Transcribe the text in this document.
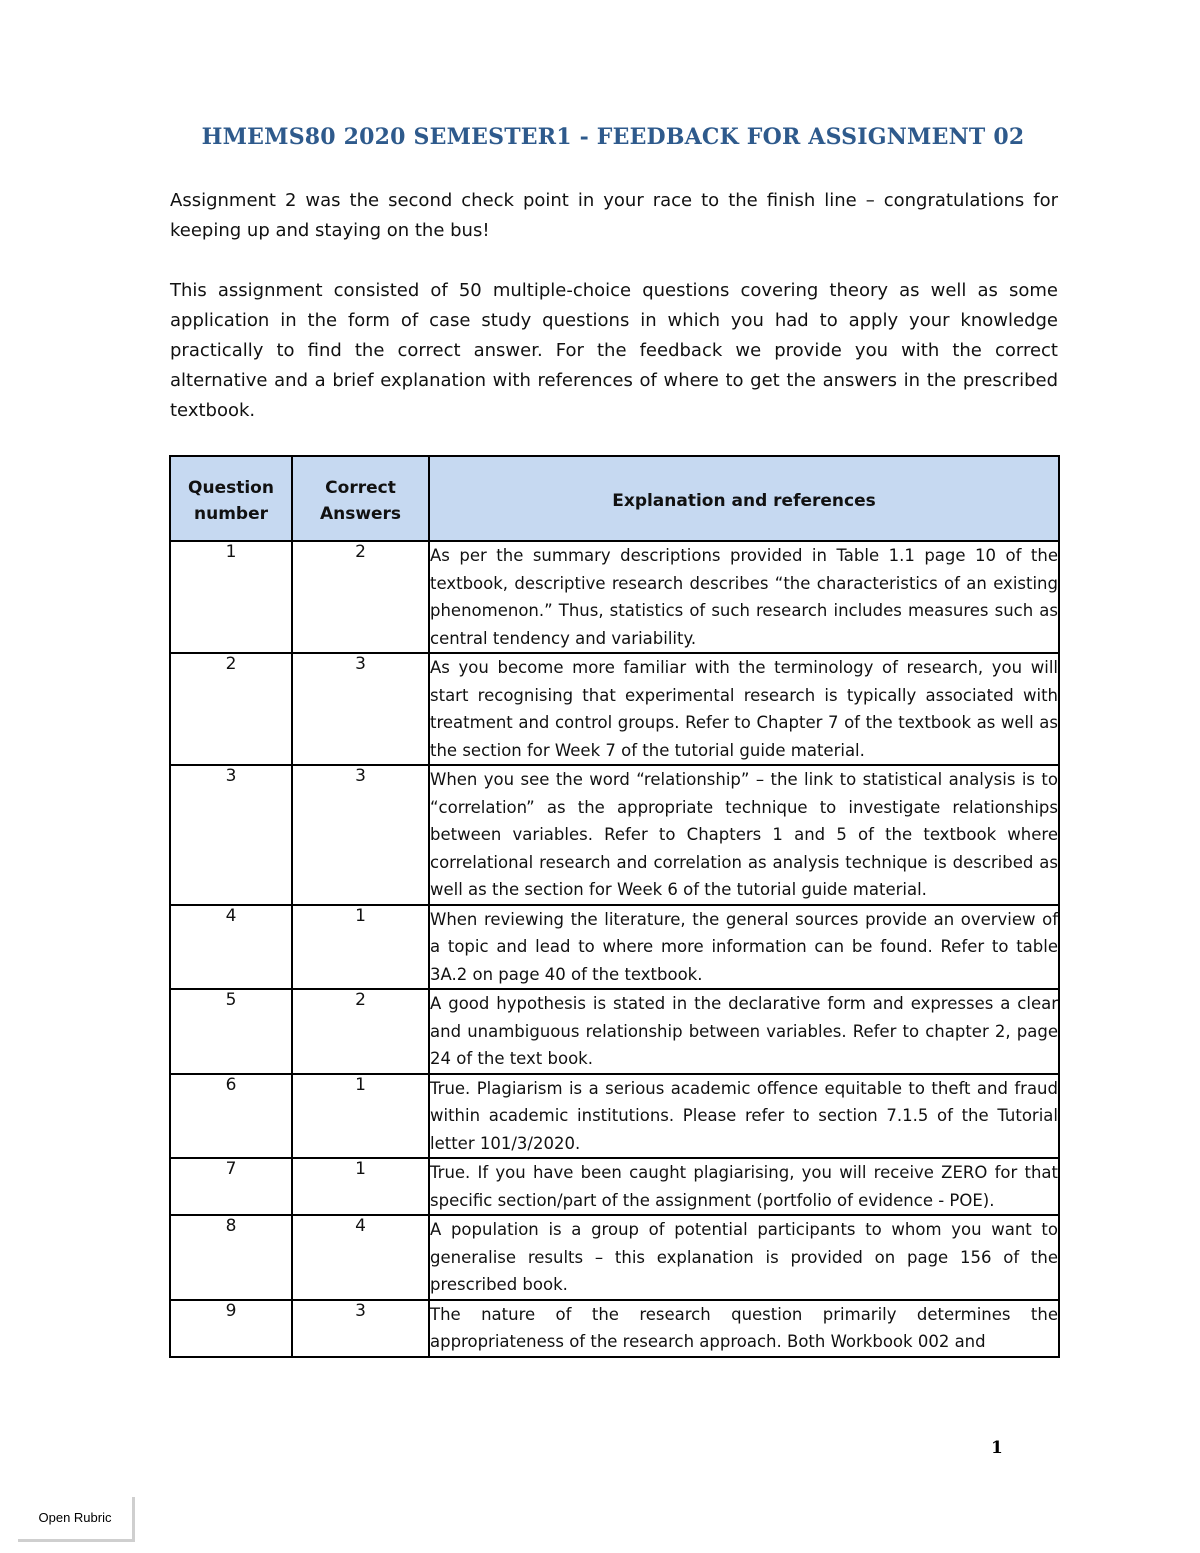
HMEMS80 2020 SEMESTER1 - FEEDBACK FOR ASSIGNMENT 02
Assignment 2 was the second check point in your race to the finish line – congratulations for keeping up and staying on the bus!
This assignment consisted of 50 multiple-choice questions covering theory as well as some application in the form of case study questions in which you had to apply your knowledge practically to find the correct answer. For the feedback we provide you with the correct alternative and a brief explanation with references of where to get the answers in the prescribed textbook.
Question number	Correct Answers	Explanation and references
1	2	As per the summary descriptions provided in Table 1.1 page 10 of the textbook, descriptive research describes “the characteristics of an existing phenomenon.” Thus, statistics of such research includes measures such as central tendency and variability.
2	3	As you become more familiar with the terminology of research, you will start recognising that experimental research is typically associated with treatment and control groups. Refer to Chapter 7 of the textbook as well as the section for Week 7 of the tutorial guide material.
3	3	When you see the word “relationship” – the link to statistical analysis is to “correlation” as the appropriate technique to investigate relationships between variables. Refer to Chapters 1 and 5 of the textbook where correlational research and correlation as analysis technique is described as well as the section for Week 6 of the tutorial guide material.
4	1	When reviewing the literature, the general sources provide an overview of a topic and lead to where more information can be found. Refer to table 3A.2 on page 40 of the textbook.
5	2	A good hypothesis is stated in the declarative form and expresses a clear and unambiguous relationship between variables. Refer to chapter 2, page 24 of the text book.
6	1	True. Plagiarism is a serious academic offence equitable to theft and fraud within academic institutions. Please refer to section 7.1.5 of the Tutorial letter 101/3/2020.
7	1	True. If you have been caught plagiarising, you will receive ZERO for that specific section/part of the assignment (portfolio of evidence - POE).
8	4	A population is a group of potential participants to whom you want to generalise results – this explanation is provided on page 156 of the prescribed book.
9	3	The nature of the research question primarily determines the appropriateness of the research approach. Both Workbook 002 and
1
Open Rubric
